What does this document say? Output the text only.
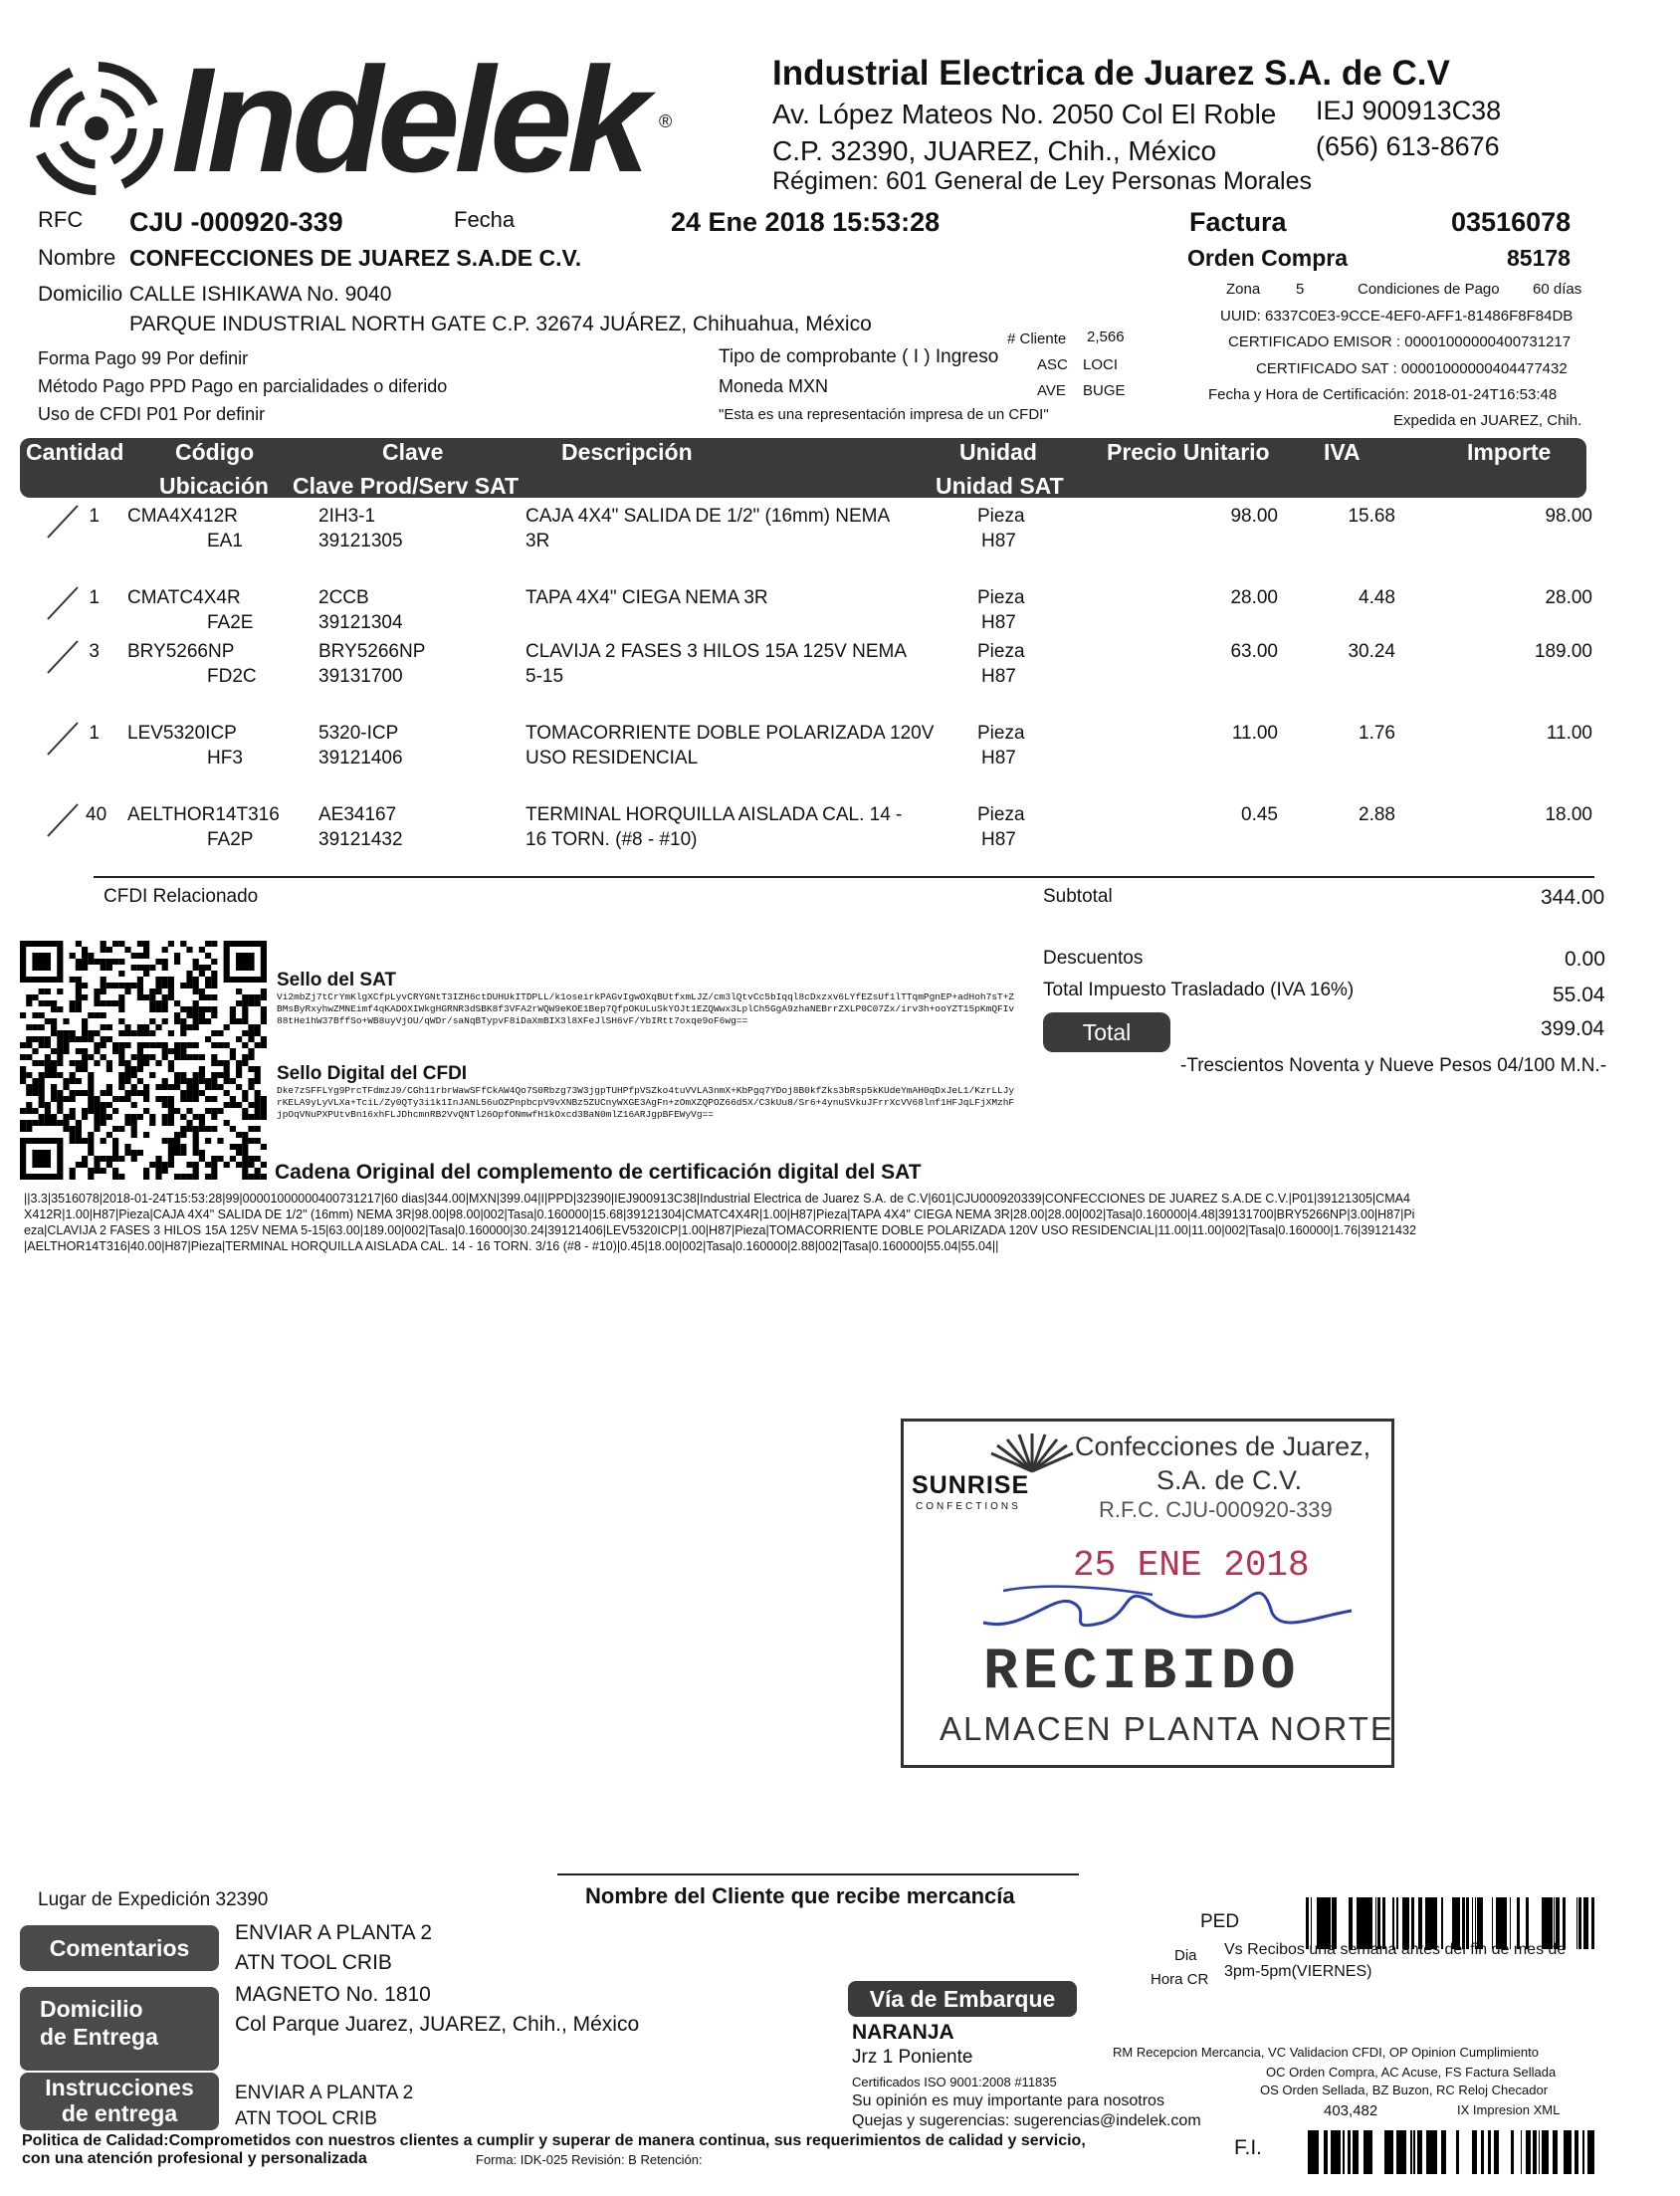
Indelek ®
Industrial Electrica de Juarez S.A. de C.V
Av. López Mateos No. 2050 Col El Roble IEJ 900913C38
C.P. 32390, JUAREZ, Chih., México	(656) 613-8676
Régimen: 601 General de Ley Personas Morales
RFC CJU -000920-339	Fecha	24 Ene 2018 15:53:28	Factura	03516078
Nombre CONFECCIONES DE JUAREZ S.A.DE C.V.	Orden Compra	85178
Domicilio CALLE ISHIKAWA No. 9040
PARQUE INDUSTRIAL NORTH GATE C.P. 32674 JUÁREZ, Chihuahua, México
Zona 5	Condiciones de Pago 60 días
UUID: 6337C0E3-9CCE-4EF0-AFF1-81486F8F84DB
CERTIFICADO EMISOR : 00001000000400731217
CERTIFICADO SAT : 00001000000404477432
Fecha y Hora de Certificación: 2018-01-24T16:53:48
Expedida en JUAREZ, Chih.
Forma Pago 99 Por definir
Método Pago PPD Pago en parcialidades o diferido
Uso de CFDI P01 Por definir
# Cliente 2,566
Tipo de comprobante ( I ) Ingreso	ASC LOCI
Moneda MXN	AVE BUGE
"Esta es una representación impresa de un CFDI"
Cantidad Código	Clave	Descripción	Unidad	Precio Unitario IVA	Importe
Ubicación Clave Prod/Serv SAT	Unidad SAT
1 CMA4X412R	2IH3-1	CAJA 4X4" SALIDA DE 1/2" (16mm) NEMA	Pieza	98.00	15.68	98.00
EA1	39121305	3R	H87
1 CMATC4X4R	2CCB	TAPA 4X4" CIEGA NEMA 3R	Pieza	28.00	4.48	28.00
FA2E	39121304	H87
3 BRY5266NP	BRY5266NP	CLAVIJA 2 FASES 3 HILOS 15A 125V NEMA	Pieza	63.00	30.24	189.00
FD2C	39131700	5-15	H87
1 LEV5320ICP	5320-ICP	TOMACORRIENTE DOBLE POLARIZADA 120V Pieza	11.00	1.76	11.00
HF3	39121406	USO RESIDENCIAL	H87
40 AELTHOR14T316 AE34167	TERMINAL HORQUILLA AISLADA CAL. 14 -	Pieza	0.45	2.88	18.00
FA2P	39121432	16 TORN. (#8 - #10)	H87
CFDI Relacionado	Subtotal	344.00
Descuentos	0.00
Total Impuesto Trasladado (IVA 16%)	55.04
Total	399.04
-Trescientos Noventa y Nueve Pesos 04/100 M.N.-
Sello del SAT
Vi2mbZj7tCrYmKlgXCfpLyvCRYGNtT3IZH6ctDUHUkITDPLL/k1oseirkPAGvIgwOXqBUtfxmLJZ/cm3lQtvCc5bIqql8cDxzxv6LYfEZsUf1lTTqmPgnEP+adHoh7sT+ZBMsByRxyhwZMNEimf4qKADOXIWkgHGRNR3dSBK8f3VFA2rWQW9eKOE1Bep7QfpOKULuSkYOJt1EZQWwx3LplCh5GgA9zhaNEBrrZXLP0C07Zx/irv3h+ooYZT15pKmQFIv88tHe1hW37BffSo+WB8uyVjOU/qWDr/saNqBTypvF8iDaXmBIX3l8XFeJlSH6vF/YbIRtt7oxqe9oF6wg==
Sello Digital del CFDI
Dke7zSFFLYg9PrcTFdmzJ9/CGh11rbrWawSFfCkAW4Qo7S0Rbzg73W3jgpTUHPfpVSZko4tuVVLA3nmX+KbPgq7YDoj8B0kfZks3bRsp5kKUdeYmAH0qDxJeL1/KzrLLJyrKELA9yLyVLXa+TciL/Zy0QTy3i1k1InJANL56uOZPnpbcpV9vXNBz5ZUCnyWXGE3AgFn+zOmXZQPOZ66d5X/C3kUu8/Sr6+4ynuSVkuJFrrXcVV68lnf1HFJqLFjXMzhFjpOqVNuPXPUtvBn16xhFLJDhcmnRB2VvQNTl26OpfONmwfH1kOxcd3BaN0mlZ16ARJgpBFEWyVg==
Cadena Original del complemento de certificación digital del SAT
||3.3|3516078|2018-01-24T15:53:28|99|00001000000400731217|60 dias|344.00|MXN|399.04|I|PPD|32390|IEJ900913C38|Industrial Electrica de Juarez S.A. de C.V|601|CJU000920339|CONFECCIONES DE JUAREZ S.A.DE C.V.|P01|39121305|CMA4X412R|1.00|H87|Pieza|CAJA 4X4" SALIDA DE 1/2" (16mm) NEMA 3R|98.00|98.00|002|Tasa|0.160000|15.68|39121304|CMATC4X4R|1.00|H87|Pieza|TAPA 4X4" CIEGA NEMA 3R|28.00|28.00|002|Tasa|0.160000|4.48|39131700|BRY5266NP|3.00|H87|Pieza|CLAVIJA 2 FASES 3 HILOS 15A 125V NEMA 5-15|63.00|189.00|002|Tasa|0.160000|30.24|39121406|LEV5320ICP|1.00|H87|Pieza|TOMACORRIENTE DOBLE POLARIZADA 120V USO RESIDENCIAL|11.00|11.00|002|Tasa|0.160000|1.76|39121432|AELTHOR14T316|40.00|H87|Pieza|TERMINAL HORQUILLA AISLADA CAL. 14 - 16 TORN. 3/16 (#8 - #10)|0.45|18.00|002|Tasa|0.160000|2.88|002|Tasa|0.160000|55.04|55.04||
SUNRISE
CONFECTIONS
Confecciones de Juarez,
S.A. de C.V.
R.F.C. CJU-000920-339
25 ENE 2018
RECIBIDO
ALMACEN PLANTA NORTE
Nombre del Cliente que recibe mercancía
Lugar de Expedición 32390
PED
Dia
Hora CR
Vs Recibos una semana antes del fin de mes de
3pm-5pm(VIERNES)
Comentarios
ENVIAR A PLANTA 2
ATN TOOL CRIB
Domicilio
de Entrega
MAGNETO No. 1810
Col Parque Juarez, JUAREZ, Chih., México
Instrucciones
de entrega
ENVIAR A PLANTA 2
ATN TOOL CRIB
Vía de Embarque
NARANJA
Jrz 1 Poniente
Certificados ISO 9001:2008 #11835
Su opinión es muy importante para nosotros
Quejas y sugerencias: sugerencias@indelek.com
RM Recepcion Mercancia, VC Validacion CFDI, OP Opinion Cumplimiento
OC Orden Compra, AC Acuse, FS Factura Sellada
OS Orden Sellada, BZ Buzon, RC Reloj Checador
403,482	IX Impresion XML
F.I.
Politica de Calidad:Comprometidos con nuestros clientes a cumplir y superar de manera continua, sus requerimientos de calidad y servicio,
con una atención profesional y personalizada	Forma: IDK-025 Revisión: B Retención:
